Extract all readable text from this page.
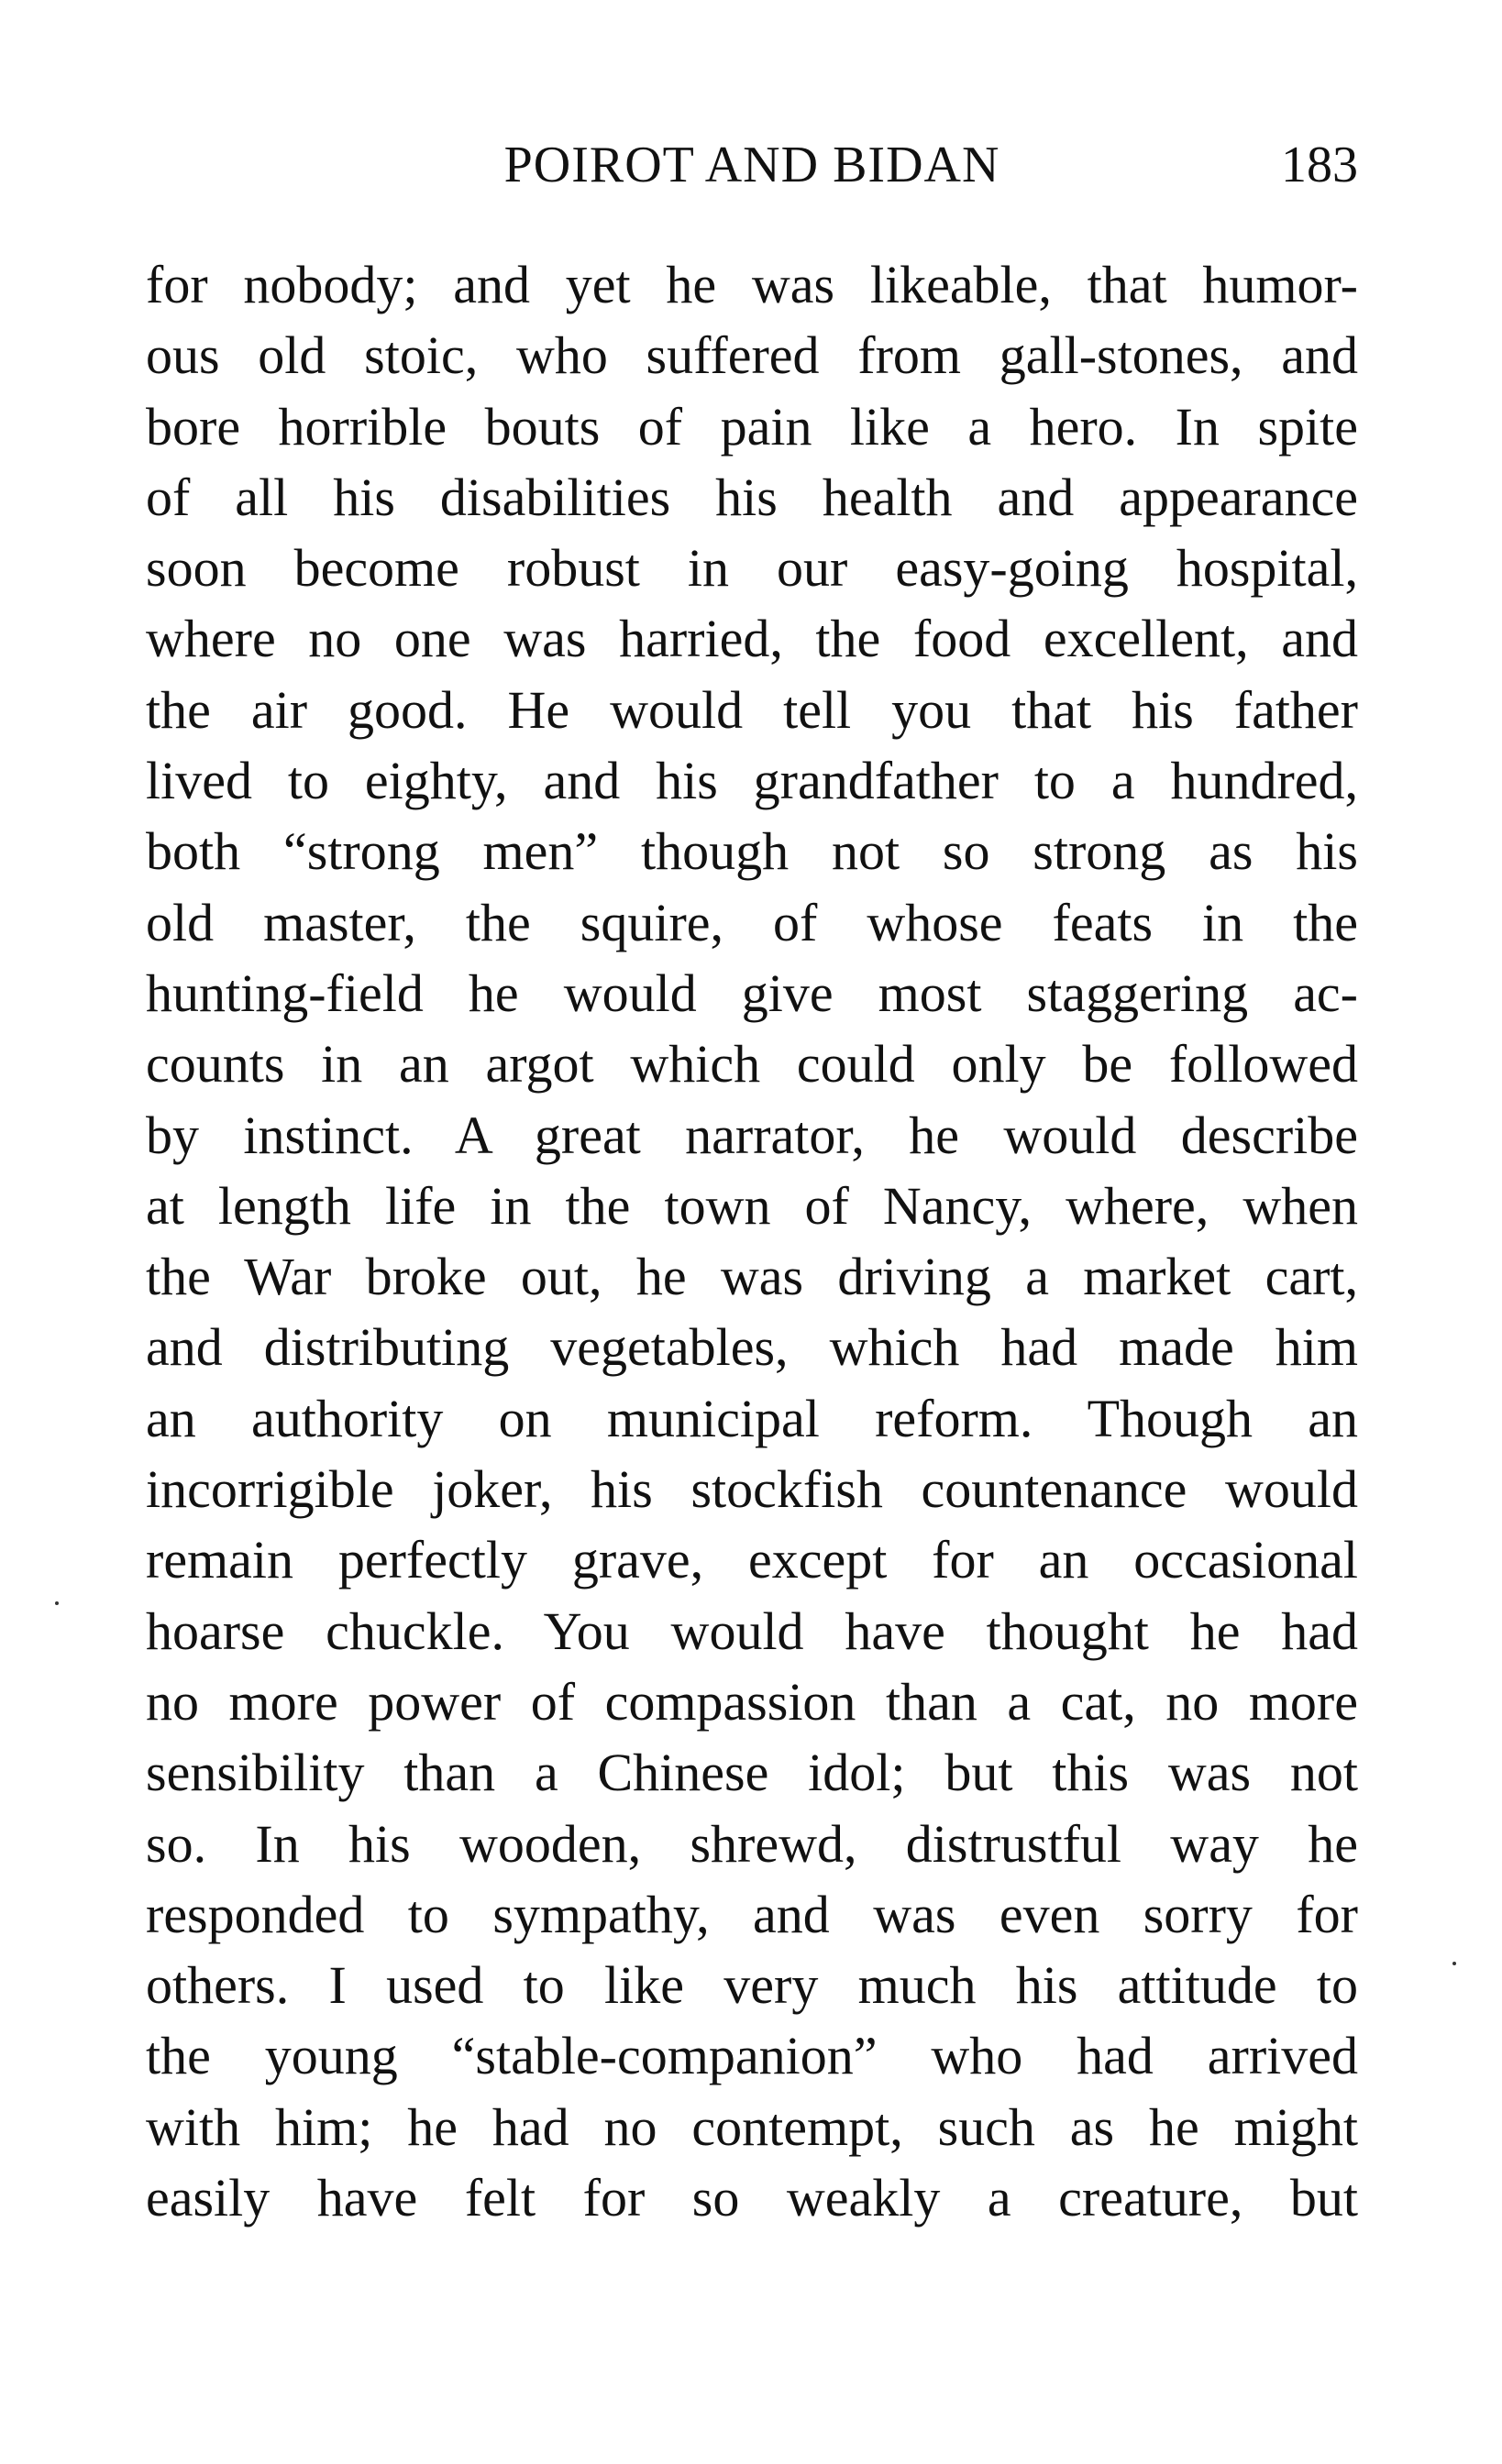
POIROT AND BIDAN	183
for nobody; and yet he was likeable, that humor-
ous old stoic, who suffered from gall-stones, and
bore horrible bouts of pain like a hero. In spite
of all his disabilities his health and appearance
soon become robust in our easy-going hospital,
where no one was harried, the food excellent, and
the air good. He would tell you that his father
lived to eighty, and his grandfather to a hundred,
both “strong men” though not so strong as his
old master, the squire, of whose feats in the
hunting-field he would give most staggering ac-
counts in an argot which could only be followed
by instinct. A great narrator, he would describe
at length life in the town of Nancy, where, when
the War broke out, he was driving a market cart,
and distributing vegetables, which had made him
an authority on municipal reform. Though an
incorrigible joker, his stockfish countenance would
remain perfectly grave, except for an occasional
hoarse chuckle. You would have thought he had
no more power of compassion than a cat, no more
sensibility than a Chinese idol; but this was not
so. In his wooden, shrewd, distrustful way he
responded to sympathy, and was even sorry for
others. I used to like very much his attitude to
the young “stable-companion” who had arrived
with him; he had no contempt, such as he might
easily have felt for so weakly a creature, but
